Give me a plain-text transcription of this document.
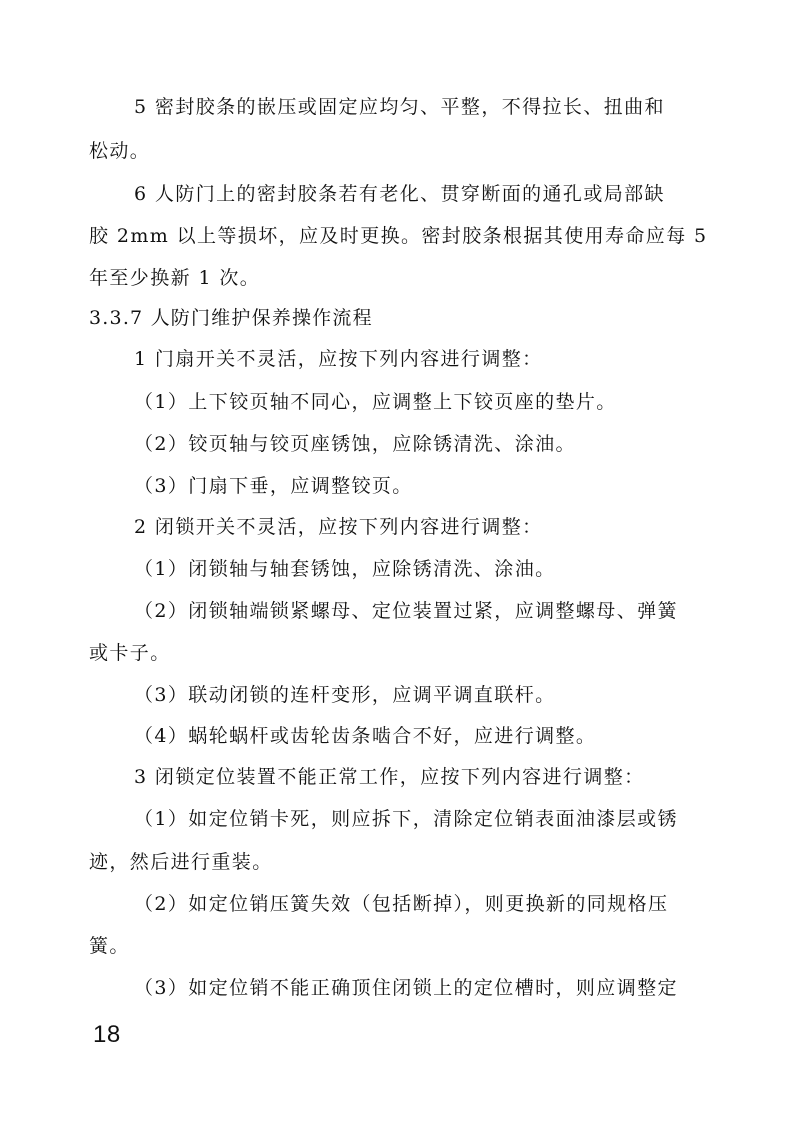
5 密封胶条的嵌压或固定应均匀、平整，不得拉长、扭曲和
松动。
6 人防门上的密封胶条若有老化、贯穿断面的通孔或局部缺
胶 2mm 以上等损坏，应及时更换。密封胶条根据其使用寿命应每 5
年至少换新 1 次。
3.3.7 人防门维护保养操作流程
1 门扇开关不灵活，应按下列内容进行调整：
（1）上下铰页轴不同心，应调整上下铰页座的垫片。
（2）铰页轴与铰页座锈蚀，应除锈清洗、涂油。
（3）门扇下垂，应调整铰页。
2 闭锁开关不灵活，应按下列内容进行调整：
（1）闭锁轴与轴套锈蚀，应除锈清洗、涂油。
（2）闭锁轴端锁紧螺母、定位装置过紧，应调整螺母、弹簧
或卡子。
（3）联动闭锁的连杆变形，应调平调直联杆。
（4）蜗轮蜗杆或齿轮齿条啮合不好，应进行调整。
3 闭锁定位装置不能正常工作，应按下列内容进行调整：
（1）如定位销卡死，则应拆下，清除定位销表面油漆层或锈
迹，然后进行重装。
（2）如定位销压簧失效（包括断掉），则更换新的同规格压
簧。
（3）如定位销不能正确顶住闭锁上的定位槽时，则应调整定
18
